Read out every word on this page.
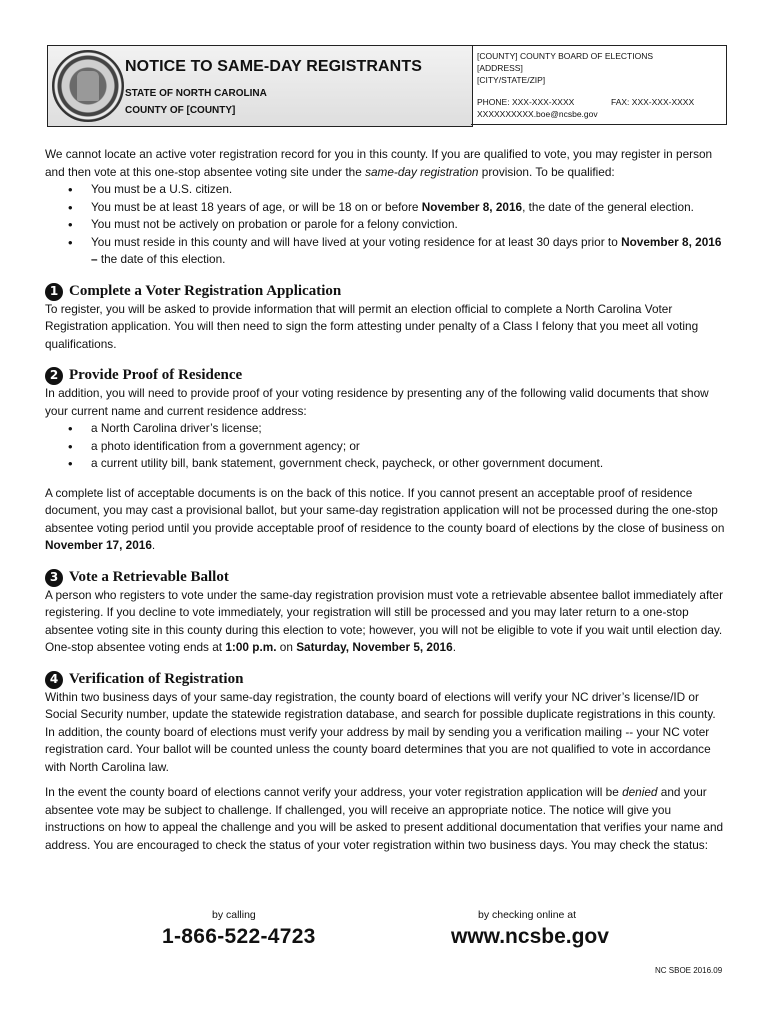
NOTICE TO SAME-DAY REGISTRANTS
STATE OF NORTH CAROLINA
COUNTY OF [COUNTY]
[COUNTY] COUNTY BOARD OF ELECTIONS
[ADDRESS]
[CITY/STATE/ZIP]
PHONE: XXX-XXX-XXXX	FAX: XXX-XXX-XXXX
XXXXXXXXXX.boe@ncsbe.gov

We cannot locate an active voter registration record for you in this county. If you are qualified to vote, you may register in person and then vote at this one-stop absentee voting site under the same-day registration provision. To be qualified:

• You must be a U.S. citizen.
• You must be at least 18 years of age, or will be 18 on or before November 8, 2016, the date of the general election.
• You must not be actively on probation or parole for a felony conviction.
• You must reside in this county and will have lived at your voting residence for at least 30 days prior to November 8, 2016 – the date of this election.
1 Complete a Voter Registration Application

To register, you will be asked to provide information that will permit an election official to complete a North Carolina Voter Registration application. You will then need to sign the form attesting under penalty of a Class I felony that you meet all voting qualifications.

2 Provide Proof of Residence

In addition, you will need to provide proof of your voting residence by presenting any of the following valid documents that show your current name and current residence address:

• a North Carolina driver’s license;
• a photo identification from a government agency; or
• a current utility bill, bank statement, government check, paycheck, or other government document.

A complete list of acceptable documents is on the back of this notice. If you cannot present an acceptable proof of residence document, you may cast a provisional ballot, but your same-day registration application will not be processed during the one-stop absentee voting period until you provide acceptable proof of residence to the county board of elections by the close of business on November 17, 2016.

3 Vote a Retrievable Ballot

A person who registers to vote under the same-day registration provision must vote a retrievable absentee ballot immediately after registering. If you decline to vote immediately, your registration will still be processed and you may later return to a one-stop absentee voting site in this county during this election to vote; however, you will not be eligible to vote if you wait until election day. One-stop absentee voting ends at 1:00 p.m. on Saturday, November 5, 2016.

4 Verification of Registration

Within two business days of your same-day registration, the county board of elections will verify your NC driver’s license/ID or Social Security number, update the statewide registration database, and search for possible duplicate registrations in this county. In addition, the county board of elections must verify your address by mail by sending you a verification mailing -- your NC voter registration card. Your ballot will be counted unless the county board determines that you are not qualified to vote in accordance with North Carolina law.

In the event the county board of elections cannot verify your address, your voter registration application will be denied and your absentee vote may be subject to challenge. If challenged, you will receive an appropriate notice. The notice will give you instructions on how to appeal the challenge and you will be asked to present additional documentation that verifies your name and address. You are encouraged to check the status of your voter registration within two business days. You may check the status:

by calling	by checking online at
1-866-522-4723	www.ncsbe.gov
NC SBOE 2016.09
